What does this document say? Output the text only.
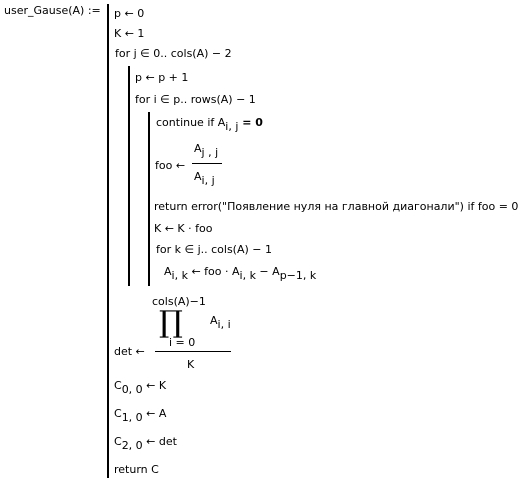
user_Gause(A) := p ← 0
K ← 1
for j ∈ 0.. cols(A) − 2
p ← p + 1
for i ∈ p.. rows(A) − 1
continue if Ai, j = 0
foo ←
Aj , j
Ai, j
return error("Появление нуля на главной диагонали") if foo = 0
K ← K · foo
for k ∈ j.. cols(A) − 1
Ai, k ← foo · Ai, k − Ap−1, k
cols(A)−1
∏ Ai, i
i = 0
det ←
K
C0, 0 ← K
C1, 0 ← A
C2, 0 ← det
return C
